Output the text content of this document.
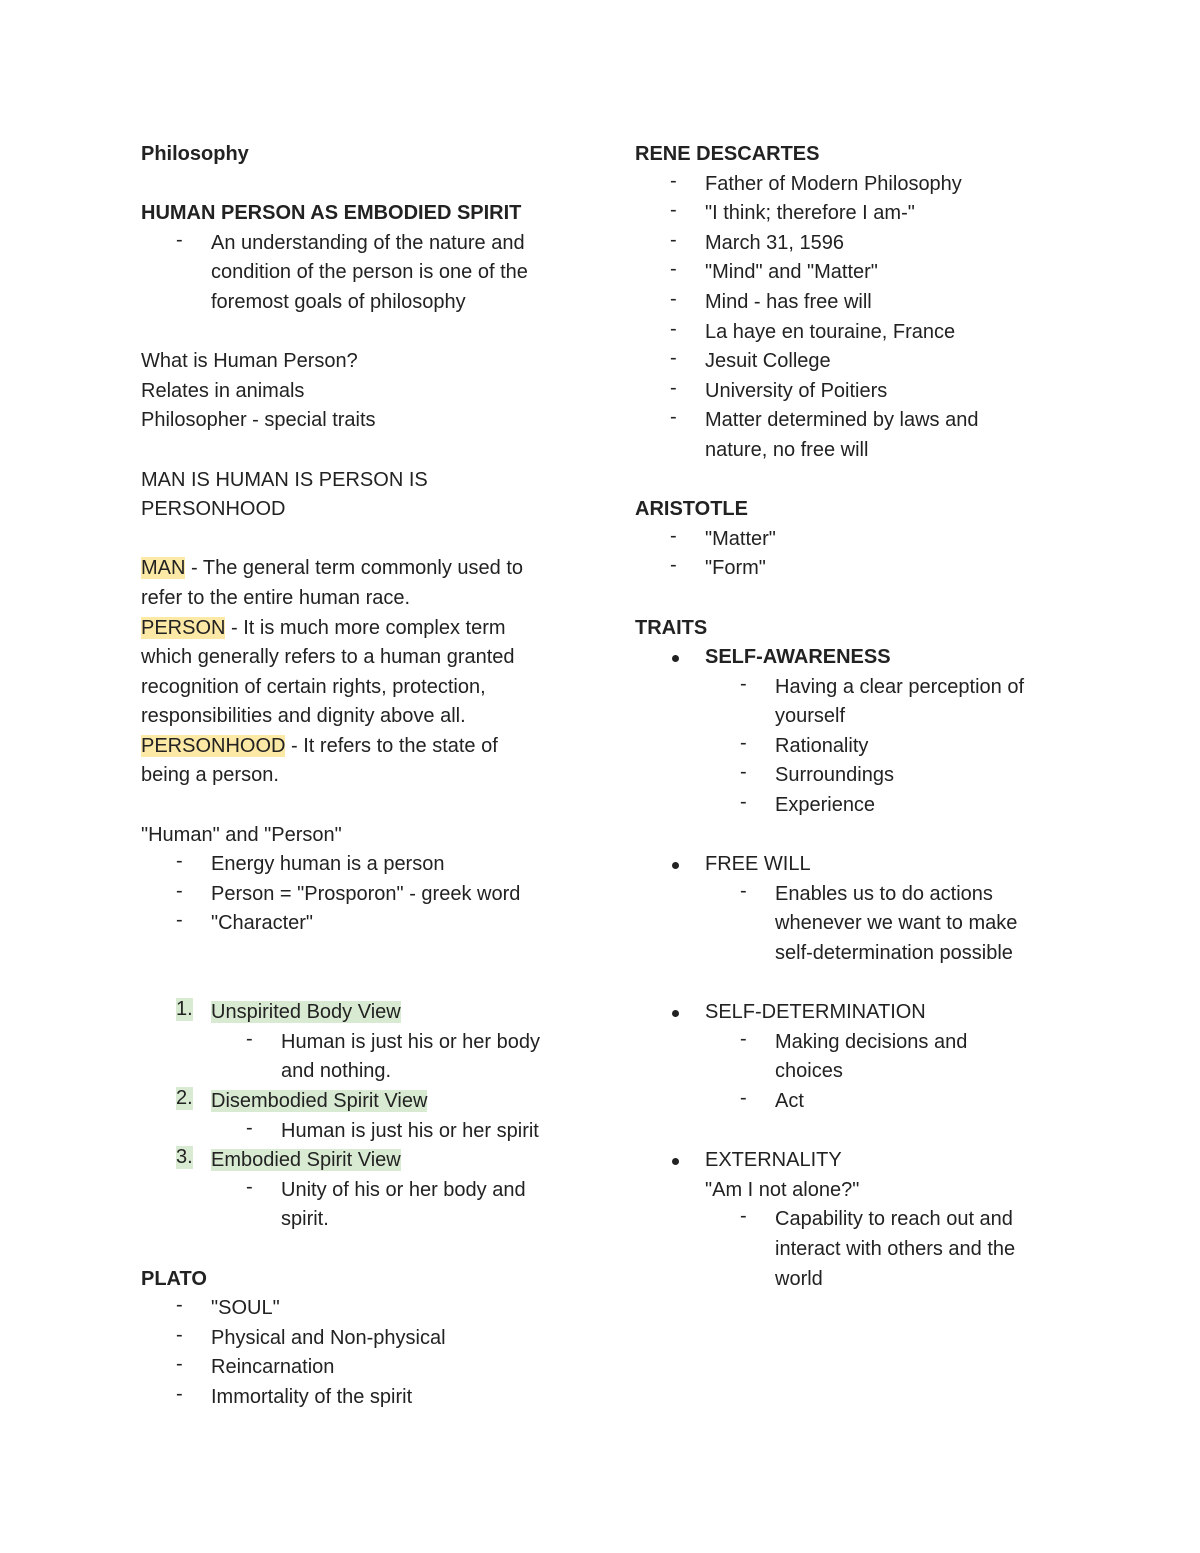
Philosophy

HUMAN PERSON AS EMBODIED SPIRIT

- An understanding of the nature and

condition of the person is one of the

foremost goals of philosophy

What is Human Person?

Relates in animals

Philosopher - special traits

MAN IS HUMAN IS PERSON IS

PERSONHOOD

MAN - The general term commonly used to

refer to the entire human race.

PERSON - It is much more complex term

which generally refers to a human granted

recognition of certain rights, protection,

responsibilities and dignity above all.

PERSONHOOD - It refers to the state of

being a person.

"Human" and "Person"

- Energy human is a person

- Person = "Prosporon" - greek word

- "Character"

1. Unspirited Body View

- Human is just his or her body

and nothing.

2. Disembodied Spirit View

- Human is just his or her spirit

3. Embodied Spirit View

- Unity of his or her body and

spirit.

PLATO

- "SOUL"

- Physical and Non-physical

- Reincarnation

- Immortality of the spirit

RENE DESCARTES

- Father of Modern Philosophy

- "I think; therefore I am-"

- March 31, 1596

- "Mind" and "Matter"

- Mind - has free will

- La haye en touraine, France

- Jesuit College

- University of Poitiers

- Matter determined by laws and

nature, no free will

ARISTOTLE

- "Matter"

- "Form"

TRAITS

SELF-AWARENESS

- Having a clear perception of

yourself

- Rationality

- Surroundings

- Experience

FREE WILL

- Enables us to do actions

whenever we want to make

self-determination possible

SELF-DETERMINATION

- Making decisions and

choices

- Act

EXTERNALITY

"Am I not alone?"

- Capability to reach out and

interact with others and the

world
